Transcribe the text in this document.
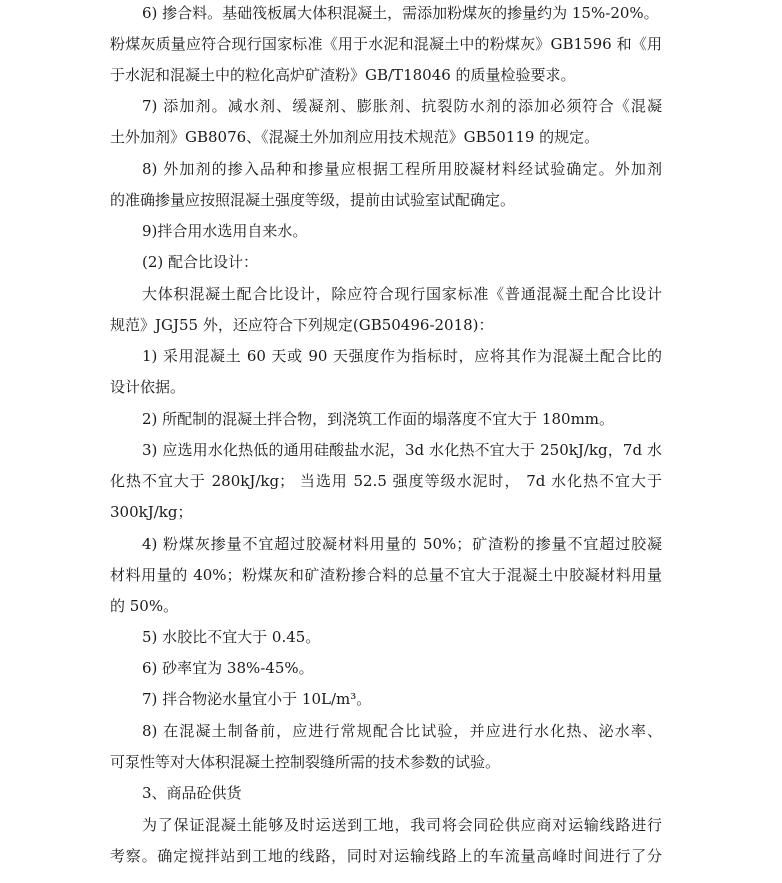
6) 掺合料。基础筏板属大体积混凝土，需添加粉煤灰的掺量约为 15%-20%。
粉煤灰质量应符合现行国家标准《用于水泥和混凝土中的粉煤灰》GB1596 和《用
于水泥和混凝土中的粒化高炉矿渣粉》GB/T18046 的质量检验要求。
7) 添加剂。减水剂、缓凝剂、膨胀剂、抗裂防水剂的添加必须符合《混凝
土外加剂》GB8076、《混凝土外加剂应用技术规范》GB50119 的规定。
8) 外加剂的掺入品种和掺量应根据工程所用胶凝材料经试验确定。外加剂
的准确掺量应按照混凝土强度等级，提前由试验室试配确定。
9)拌合用水选用自来水。
(2) 配合比设计：
大体积混凝土配合比设计，除应符合现行国家标准《普通混凝土配合比设计
规范》JGJ55 外，还应符合下列规定(GB50496-2018)：
1) 采用混凝土 60 天或 90 天强度作为指标时，应将其作为混凝土配合比的
设计依据。
2) 所配制的混凝土拌合物，到浇筑工作面的塌落度不宜大于 180mm。
3) 应选用水化热低的通用硅酸盐水泥，3d 水化热不宜大于 250kJ/kg，7d 水
化热不宜大于 280kJ/kg； 当选用 52.5 强度等级水泥时， 7d 水化热不宜大于
300kJ/kg；
4) 粉煤灰掺量不宜超过胶凝材料用量的 50%；矿渣粉的掺量不宜超过胶凝
材料用量的 40%；粉煤灰和矿渣粉掺合料的总量不宜大于混凝土中胶凝材料用量
的 50%。
5) 水胶比不宜大于 0.45。
6) 砂率宜为 38%-45%。
7) 拌合物泌水量宜小于 10L/m³。
8) 在混凝土制备前，应进行常规配合比试验，并应进行水化热、泌水率、
可泵性等对大体积混凝土控制裂缝所需的技术参数的试验。
3、商品砼供货
为了保证混凝土能够及时运送到工地，我司将会同砼供应商对运输线路进行
考察。确定搅拌站到工地的线路，同时对运输线路上的车流量高峰时间进行了分
